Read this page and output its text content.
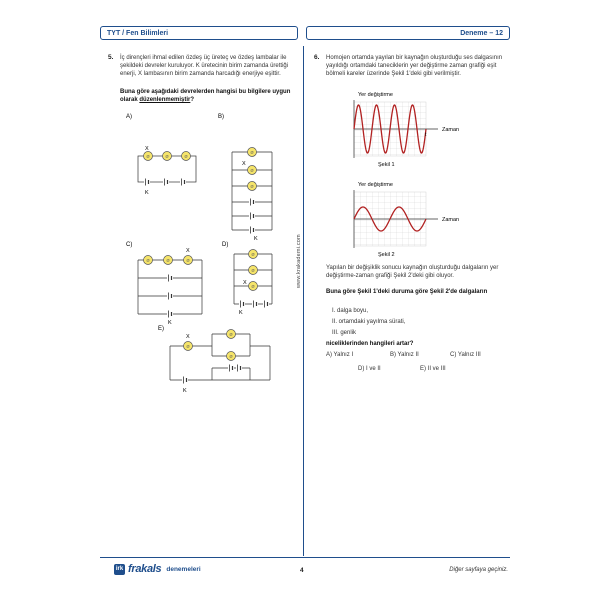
TYT / Fen Bilimleri	Deneme – 12
5. İç dirençleri ihmal edilen özdeş üç üreteç ve özdeş lambalar ile şekildeki devreler kuruluyor. K üretecinin birim zamanda ürettiği enerji, X lambasının birim zamanda harcadığı enerjiye eşittir.
Buna göre aşağıdaki devrelerden hangisi bu bilgilere uygun olarak düzenlenmemiştir?
@
A)
X
K
B)
X
K
C)
X
K
D)
X
K
E)
X
K
www.krakademi.com
6. Homojen ortamda yayılan bir kaynağın oluşturduğu ses dalgasının yayıldığı ortamdaki taneciklerin yer değiştirme zaman grafiği eşit bölmeli kareler üzerinde Şekil 1'deki gibi verilmiştir.
Yer değiştirme
Zaman
t
Şekil 1
Yer değiştirme
Zaman
Şekil 2
Yapılan bir değişiklik sonucu kaynağın oluşturduğu dalgaların yer değiştirme-zaman grafiği Şekil 2'deki gibi oluyor.
Buna göre Şekil 1'deki duruma göre Şekil 2'de dalgaların
I. dalga boyu,
II. ortamdaki yayılma sürati,
III. genlik
niceliklerinden hangileri artar?
A) Yalnız I	B) Yalnız II	C) Yalnız III
D) I ve II	E) II ve III
irk frakals denemeleri	4	Diğer sayfaya geçiniz.
